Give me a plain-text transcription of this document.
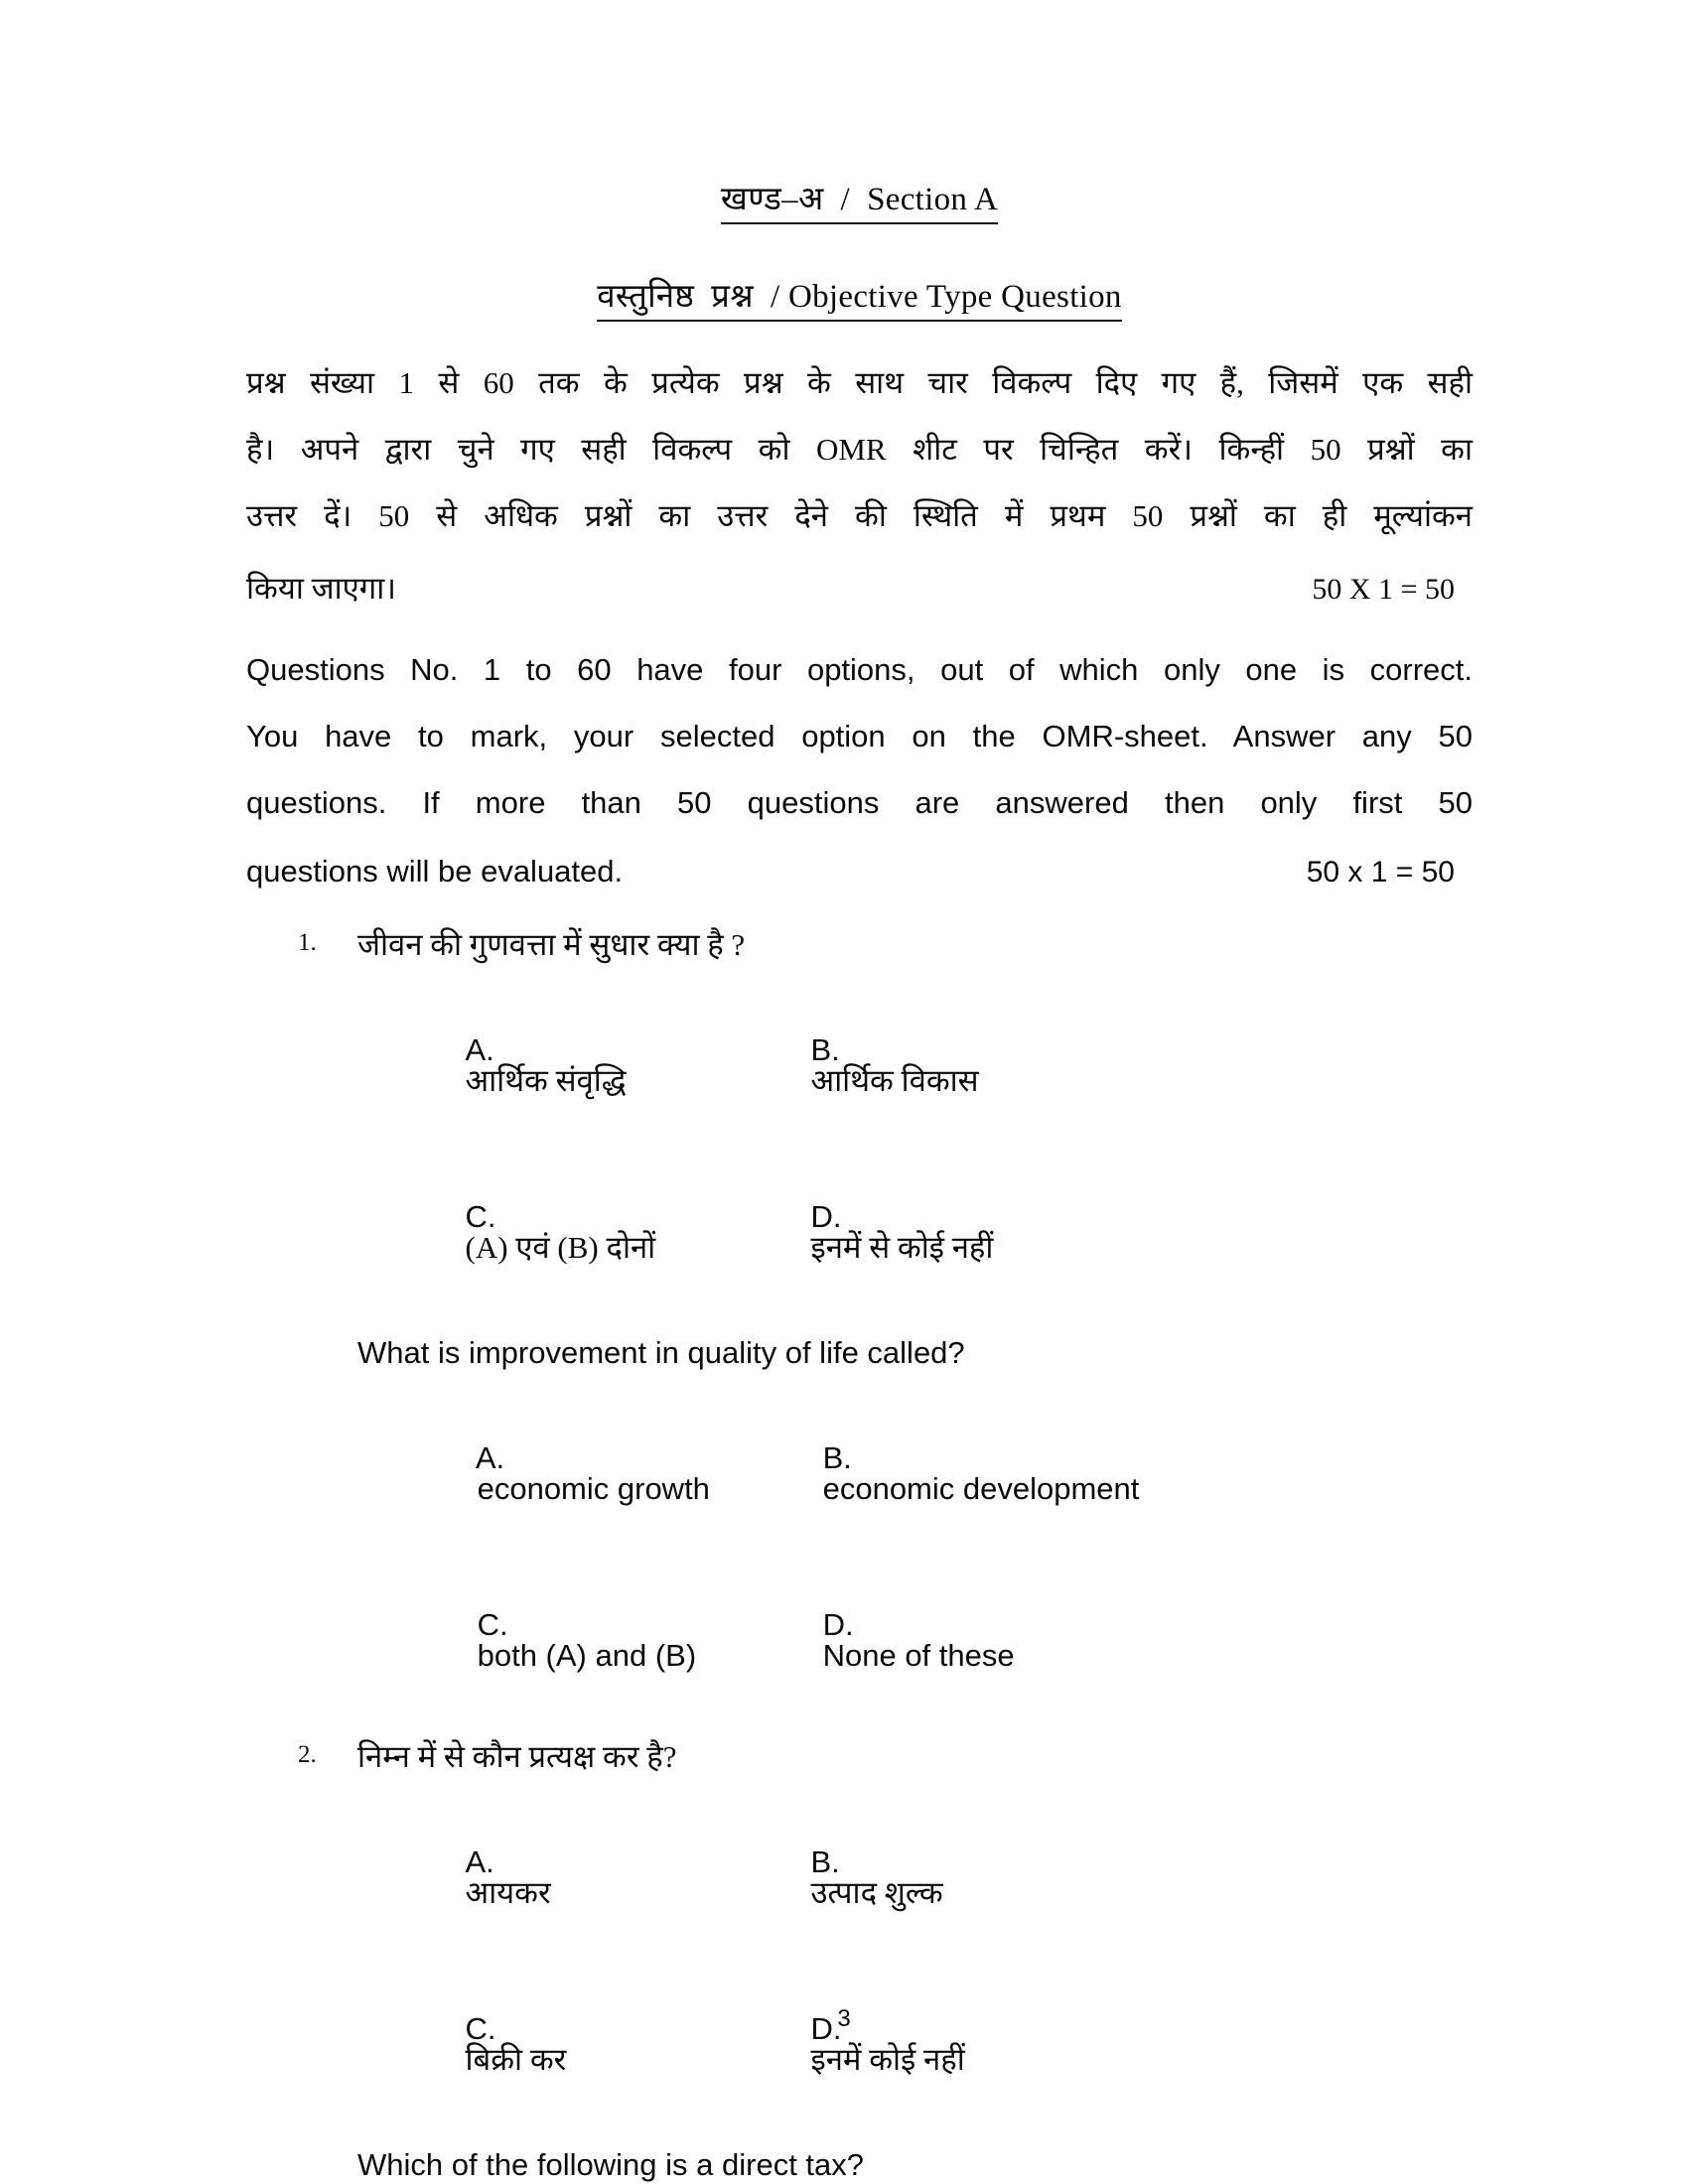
खण्ड–अ  /  Section A
वस्तुनिष्ठ  प्रश्न  / Objective Type Question
प्रश्न संख्या 1 से 60 तक के प्रत्येक प्रश्न के साथ चार विकल्प दिए गए हैं, जिसमें एक सही
है। अपने द्वारा चुने गए सही विकल्प को OMR शीट पर चिन्हित करें। किन्हीं 50 प्रश्नों का
उत्तर दें। 50 से अधिक प्रश्नों का उत्तर देने की स्थिति में प्रथम 50 प्रश्नों का ही मूल्यांकन
किया जाएगा।	50 X 1 = 50
Questions No. 1 to 60 have four options, out of which only one is correct.
You have to mark, your selected option on the OMR-sheet. Answer any 50
questions. If more than 50 questions are answered then only first 50
questions will be evaluated.	50 x 1 = 50
1.	जीवन की गुणवत्ता में सुधार क्या है ?

A.
आर्थिक संवृद्धि

B.
आर्थिक विकास

C.
(A) एवं (B) दोनों

D.
इनमें से कोई नहीं

What is improvement in quality of life called?

A.
economic growth

B.
economic development

C.
both (A) and (B)

D.
None of these

2.	निम्न में से कौन प्रत्यक्ष कर है?

A.
आयकर

B.
उत्पाद शुल्क

C.
बिक्री कर

D.
इनमें कोई नहीं

Which of the following is a direct tax?
3
